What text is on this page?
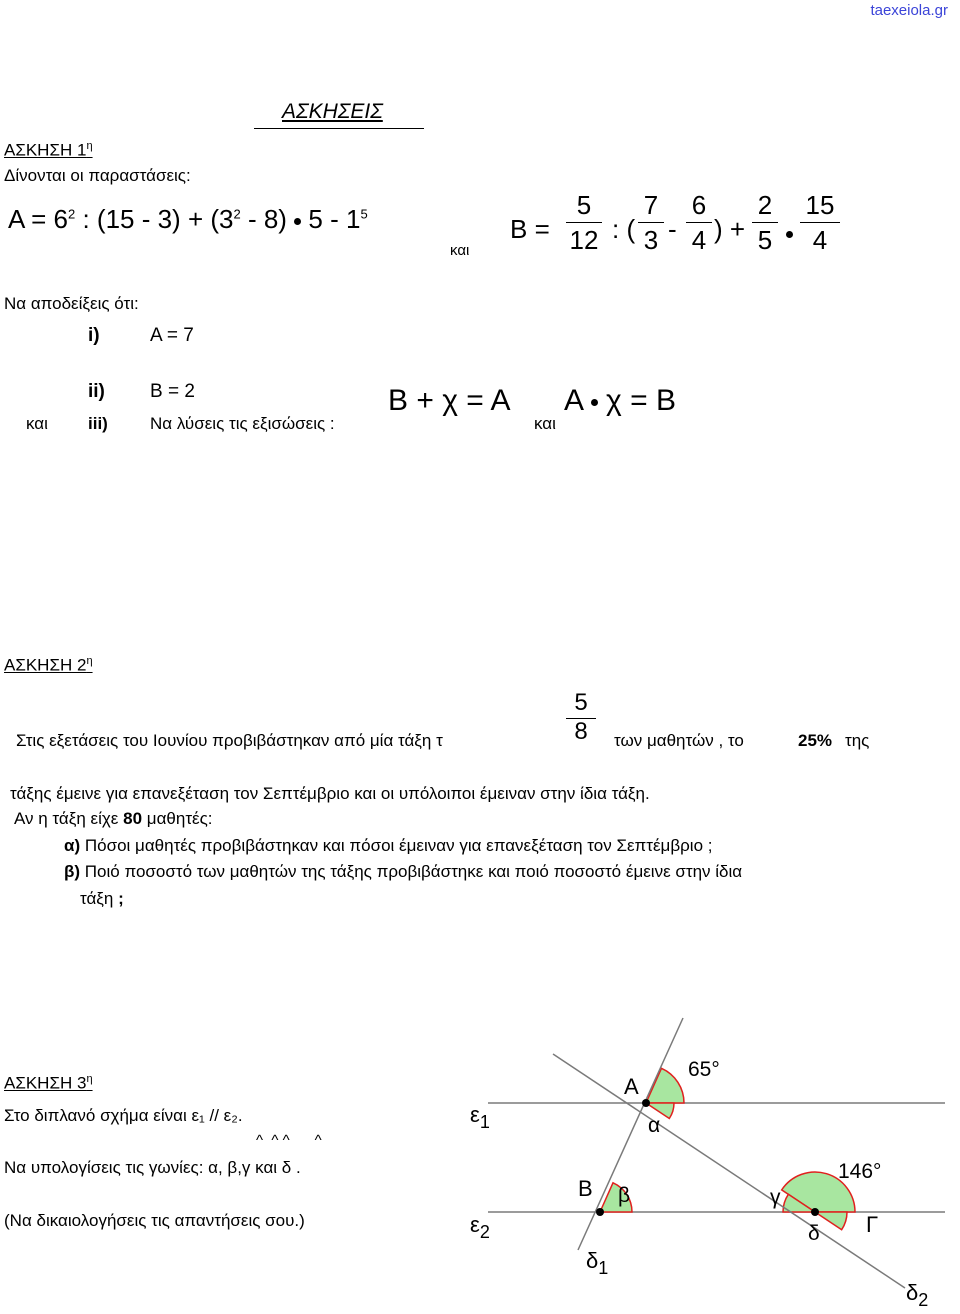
taexeiola.gr
ΑΣΚΗΣΕΙΣ
ΑΣΚΗΣΗ $1^\eta$
Δίνονται οι παραστάσεις:
$A = 6^2$ : $(15 - 3) + (3^2 - 8)$ $5 - 1^5$
και
Β =
5
12 : (
7
3 -
6
4 ) +
2
5
15
4
Να αποδείξεις ότι:
i)	Α = 7
ii) Β = 2
και iii) Να λύσεις τις εξισώσεις :
Β + χ = Α
και
Α χ = Β
ΑΣΚΗΣΗ $2^\eta$
Στις εξετάσεις του Ιουνίου προβιβάστηκαν από μία τάξη τ
5
8	των μαθητών , το	25% της
τάξης έμεινε για επανεξέταση τον Σεπτέμβριο και οι υπόλοιποι έμειναν στην ίδια τάξη.
Αν η τάξη είχε 80 μαθητές:
α) Πόσοι μαθητές προβιβάστηκαν και πόσοι έμειναν για επανεξέταση τον Σεπτέμβριο ;
β) Ποιό ποσοστό των μαθητών της τάξης προβιβάστηκε και ποιό ποσοστό έμεινε στην ίδια
τάξη ;
ΑΣΚΗΣΗ $3^\eta$
Στο διπλανό σχήμα είναι ε₁ // ε₂.
^  ^ ^      ^
Να υπολογίσεις τις γωνίες: α, β,γ και δ .
(Να δικαιολογήσεις τις απαντήσεις σου.)
$\varepsilon_1$
$\varepsilon_2$
Α
Β
Γ
$\delta_1$
$\delta_2$
65°
146°
α
β	γ
δ
